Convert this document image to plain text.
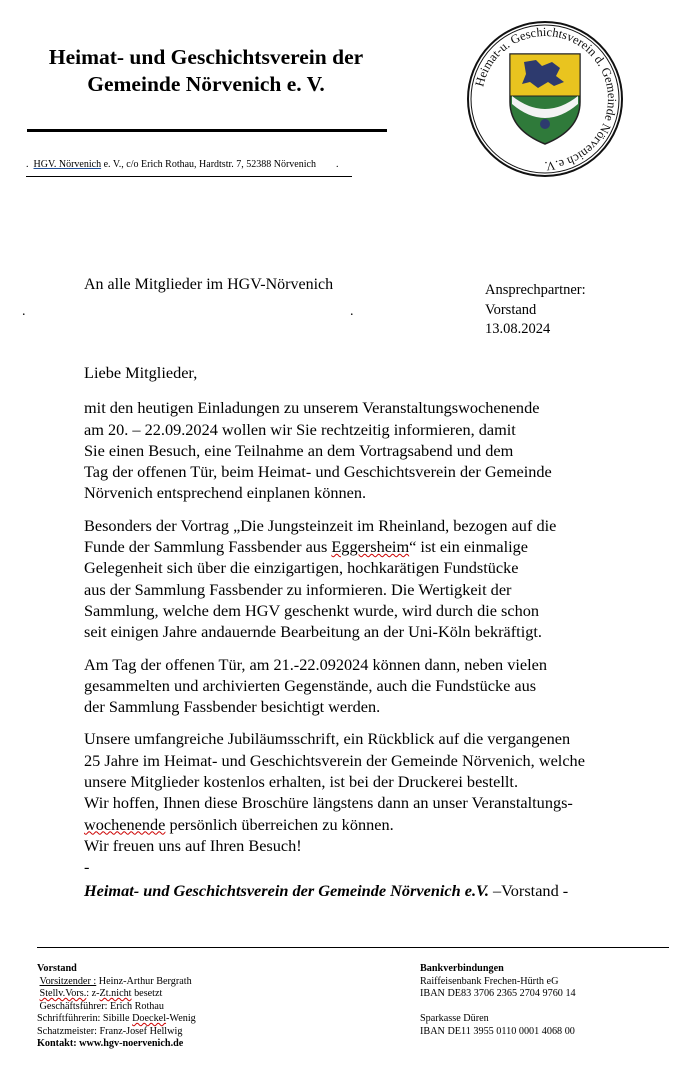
Heimat- und Geschichtsverein der
Gemeinde Nörvenich e. V.
. HGV. Nörvenich e. V., c/o Erich Rothau, Hardtstr. 7, 52388 Nörvenich .
Heimat-u. Geschichtsverein d. Gemeinde Nörvenich e.V.
An alle Mitglieder im HGV-Nörvenich
.	.
Ansprechpartner:
Vorstand
13.08.2024

Liebe Mitglieder,

mit den heutigen Einladungen zu unserem Veranstaltungswochenende
am 20. – 22.09.2024 wollen wir Sie rechtzeitig informieren, damit
Sie einen Besuch, eine Teilnahme an dem Vortragsabend und dem
Tag der offenen Tür, beim Heimat- und Geschichtsverein der Gemeinde
Nörvenich entsprechend einplanen können.

Besonders der Vortrag „Die Jungsteinzeit im Rheinland, bezogen auf die
Funde der Sammlung Fassbender aus Eggersheim“ ist ein einmalige
Gelegenheit sich über die einzigartigen, hochkarätigen Fundstücke
aus der Sammlung Fassbender zu informieren. Die Wertigkeit der
Sammlung, welche dem HGV geschenkt wurde, wird durch die schon
seit einigen Jahre andauernde Bearbeitung an der Uni-Köln bekräftigt.

Am Tag der offenen Tür, am 21.-22.092024 können dann, neben vielen
gesammelten und archivierten Gegenstände, auch die Fundstücke aus
der Sammlung Fassbender besichtigt werden.

Unsere umfangreiche Jubiläumsschrift, ein Rückblick auf die vergangenen
25 Jahre im Heimat- und Geschichtsverein der Gemeinde Nörvenich, welche
unsere Mitglieder kostenlos erhalten, ist bei der Druckerei bestellt.
Wir hoffen, Ihnen diese Broschüre längstens dann an unser Veranstaltungs-
wochenende persönlich überreichen zu können.
Wir freuen uns auf Ihren Besuch!
-
Heimat- und Geschichtsverein der Gemeinde Nörvenich e.V. –Vorstand -

Vorstand
Vorsitzender : Heinz-Arthur Bergrath
Stellv.Vors.: z-Zt.nicht besetzt
Geschäftsführer: Erich Rothau
Schriftführerin: Sibille Doeckel-Wenig
Schatzmeister: Franz-Josef Hellwig
Kontakt: www.hgv-noervenich.de
Bankverbindungen
Raiffeisenbank Frechen-Hürth eG
IBAN DE83 3706 2365 2704 9760 14
Sparkasse Düren
IBAN DE11 3955 0110 0001 4068 00
